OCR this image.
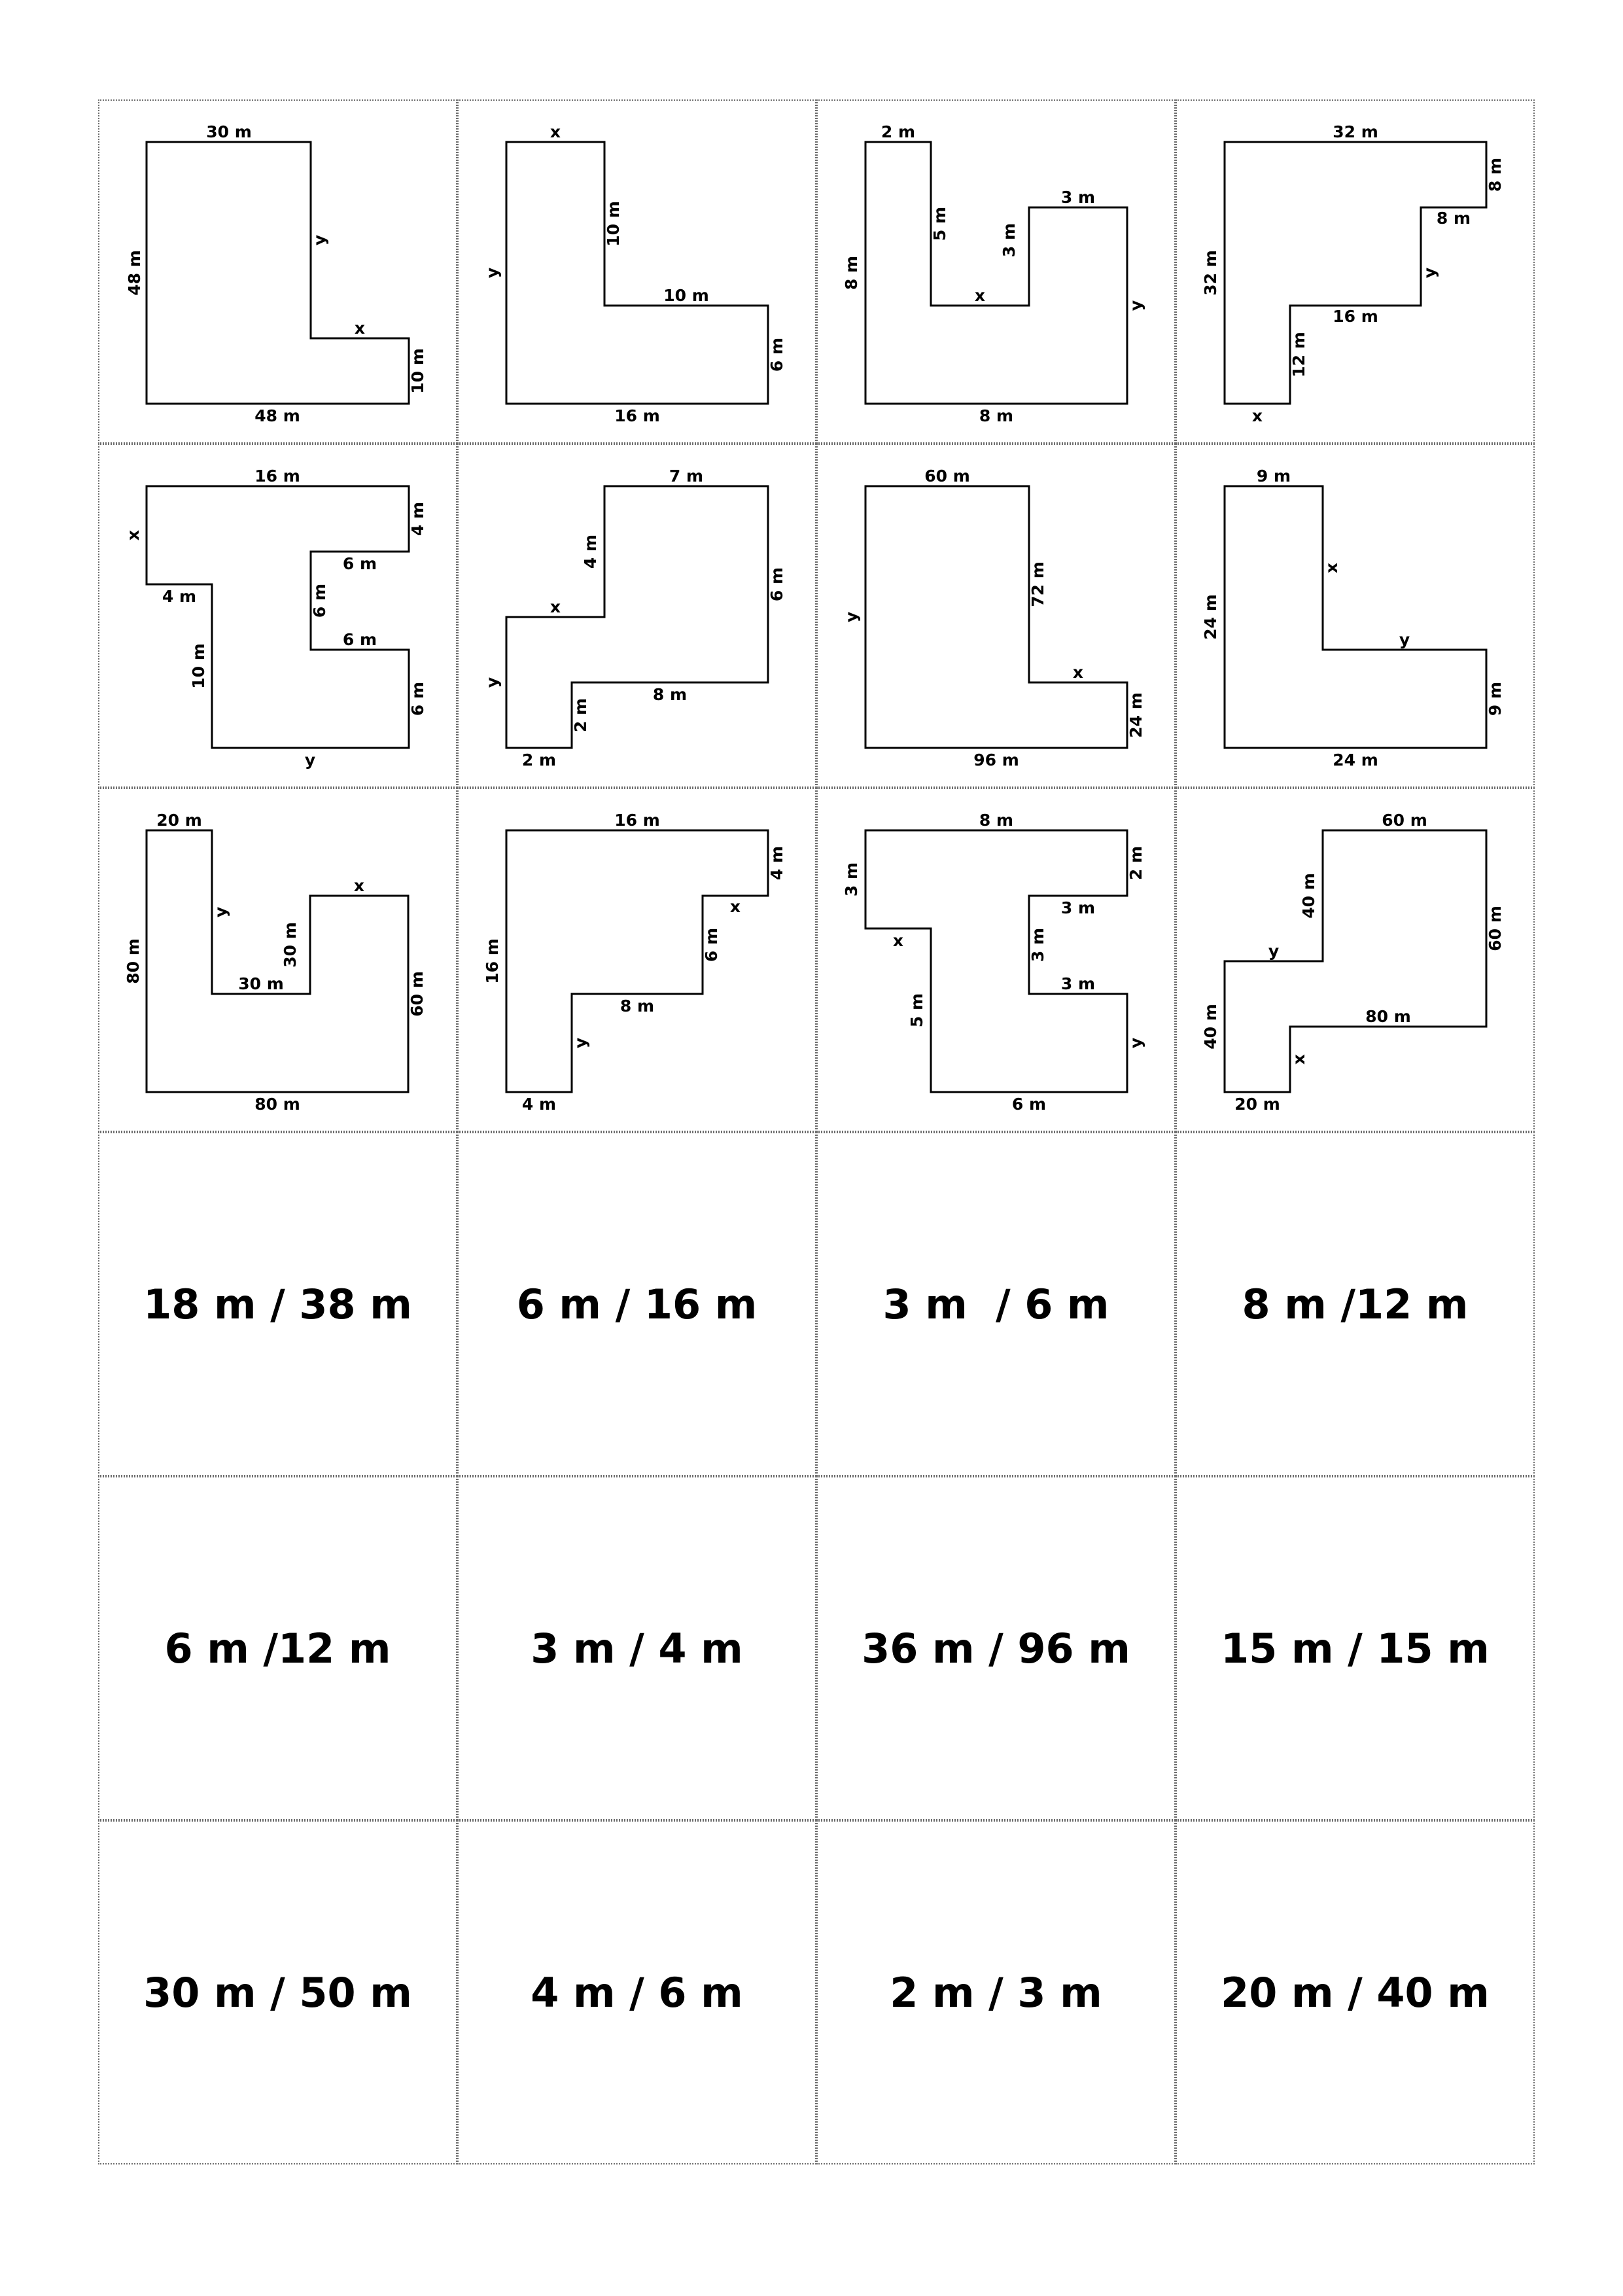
30 m
48 m
y
x
10 m
48 m
x
y
10 m
10 m
6 m
16 m
2 m
8 m
5 m
x
3 m
3 m
y
8 m
32 m
32 m
8 m
8 m
y
16 m
12 m
x
16 m
x
4 m
4 m
6 m
6 m
6 m
6 m
10 m
y
7 m
4 m
x
6 m
y
8 m
2 m
2 m
60 m
y
72 m
x
24 m
96 m
9 m
24 m
x
y
9 m
24 m
20 m
80 m
y
30 m
30 m
x
60 m
80 m
16 m
16 m
4 m
x
6 m
8 m
y
4 m
8 m
3 m
x
2 m
3 m
3 m
3 m
5 m
y
6 m
60 m
40 m
y	60 m
40 m	80 m
x
20 m
18 m / 38 m	6 m / 16 m	3 m  / 6 m	8 m /12 m
6 m /12 m	3 m / 4 m	36 m / 96 m 15 m / 15 m
30 m / 50 m	4 m / 6 m	2 m / 3 m	20 m / 40 m
